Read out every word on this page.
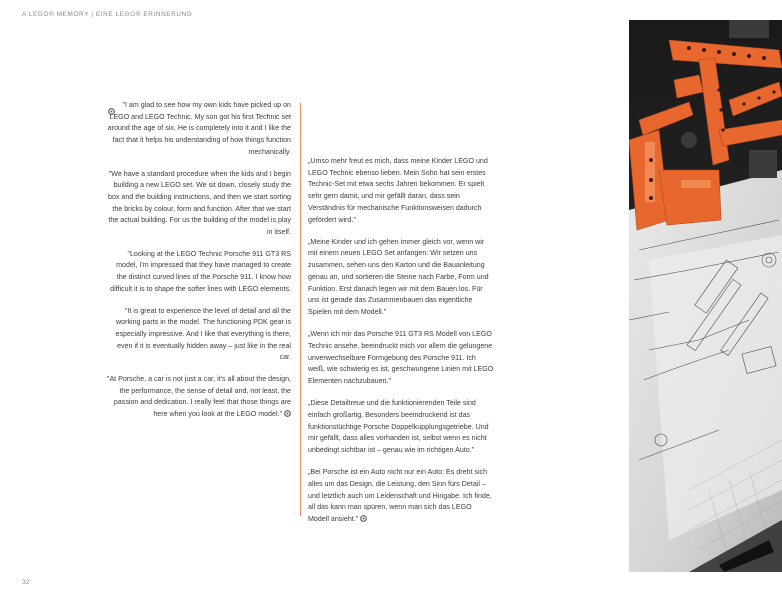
A LEGO® MEMORY | EINE LEGO® ERINNERUNG

"I am glad to see how my own kids have picked up on LEGO and LEGO Technic. My son got his first Technic set around the age of six. He is completely into it and I like the fact that it helps his understanding of how things function mechanically.

"We have a standard procedure when the kids and I begin building a new LEGO set. We sit down, closely study the box and the building instructions, and then we start sorting the bricks by colour, form and function. After that we start the actual building. For us the building of the model is play in itself.

"Looking at the LEGO Technic Porsche 911 GT3 RS model, I'm impressed that they have managed to create the distinct curved lines of the Porsche 911. I know how difficult it is to shape the softer lines with LEGO elements.

"It is great to experience the level of detail and all the working parts in the model. The functioning PDK gear is especially impressive. And I like that everything is there, even if it is eventually hidden away – just like in the real car.

"At Porsche, a car is not just a car, it's all about the design, the performance, the sense of detail and, not least, the passion and dedication. I really feel that those things are here when you look at the LEGO model."

„Umso mehr freut es mich, dass meine Kinder LEGO und LEGO Technic ebenso lieben. Mein Sohn hat sein erstes Technic-Set mit etwa sechs Jahren bekommen. Er spielt sehr gern damit, und mir gefällt daran, dass sein Verständnis für mechanische Funktionsweisen dadurch gefördert wird."

„Meine Kinder und ich gehen immer gleich vor, wenn wir mit einem neuen LEGO Set anfangen: Wir setzen uns zusammen, sehen uns den Karton und die Bauanleitung genau an, und sortieren die Steine nach Farbe, Form und Funktion. Erst danach legen wir mit dem Bauen los. Für uns ist gerade das Zusammenbauen das eigentliche Spielen mit dem Modell."

„Wenn ich mir das Porsche 911 GT3 RS Modell von LEGO Technic ansehe, beeindruckt mich vor allem die gelungene unverwechselbare Formgebung des Porsche 911. Ich weiß, wie schwierig es ist, geschwungene Linien mit LEGO Elementen nachzubauen."

„Diese Detailtreue und die funktionierenden Teile sind einfach großartig. Besonders beeindruckend ist das funktionstüchtige Porsche Doppelkupplungsgetriebe. Und mir gefällt, dass alles vorhanden ist, selbst wenn es nicht unbedingt sichtbar ist – genau wie im richtigen Auto."

„Bei Porsche ist ein Auto nicht nur ein Auto: Es dreht sich alles um das Design, die Leistung, den Sinn fürs Detail – und letztlich auch um Leidenschaft und Hingabe. Ich finde, all das kann man spüren, wenn man sich das LEGO Modell ansieht."

32
